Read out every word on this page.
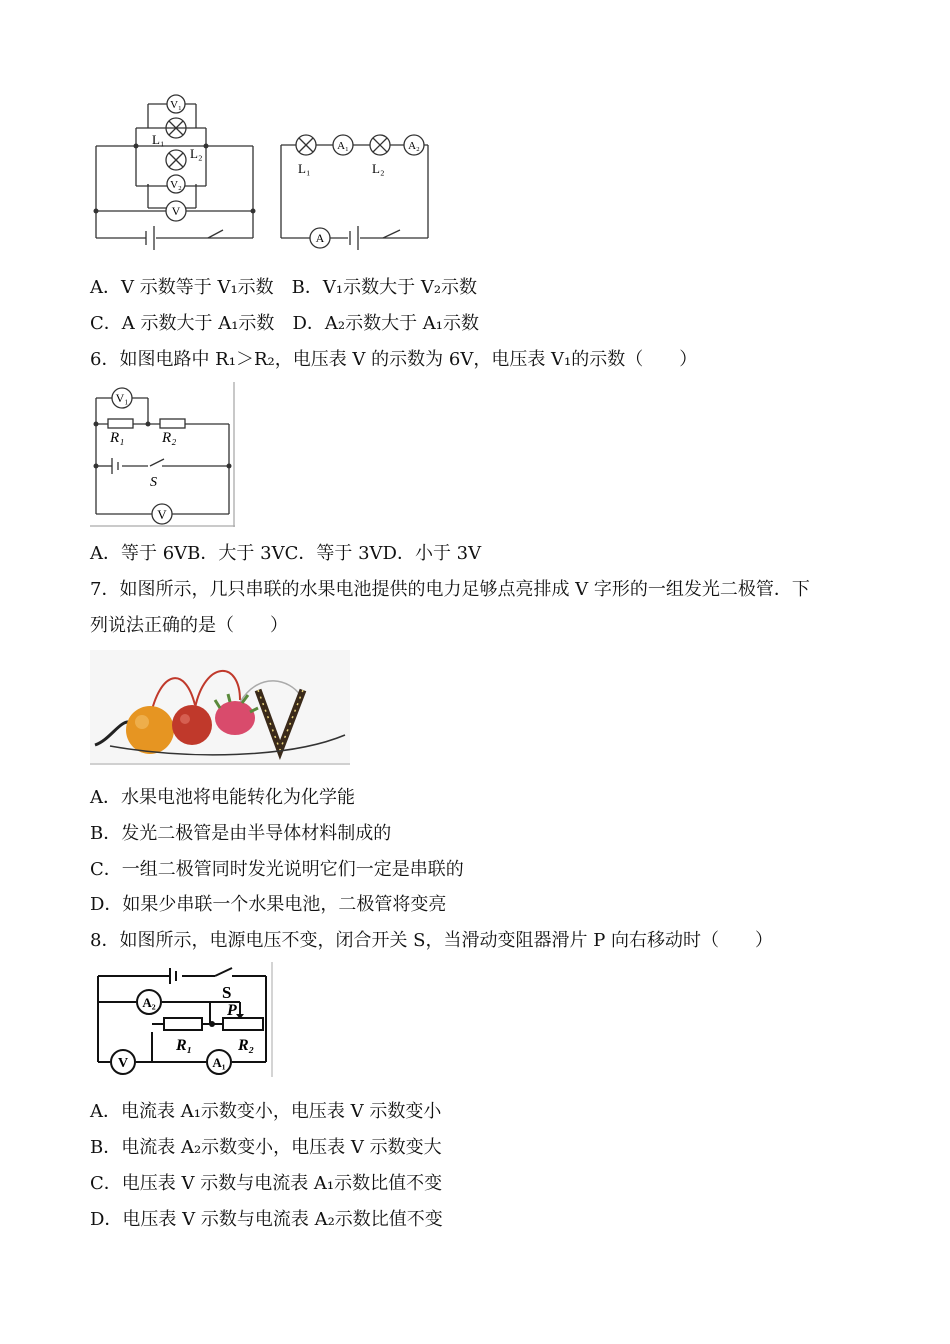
V₁
V₂
V
L₁
L₂	A₁	A₂
A
L₁	L₂
A．V 示数等于 V₁示数　 B．V₁示数大于 V₂示数
C．A 示数大于 A₁示数　 D．A₂示数大于 A₁示数
6．如图电路中 R₁＞R₂，电压表 V 的示数为 6V，电压表 V₁的示数（　　）
V₁
R₁	R₂
S
V
A．等于 6VB．大于 3VC．等于 3VD．小于 3V
7．如图所示，几只串联的水果电池提供的电力足够点亮排成 V 字形的一组发光二极管．下
列说法正确的是（　　）
A．水果电池将电能转化为化学能
B．发光二极管是由半导体材料制成的
C．一组二极管同时发光说明它们一定是串联的
D．如果少串联一个水果电池，二极管将变亮
8．如图所示，电源电压不变，闭合开关 S，当滑动变阻器滑片 P 向右移动时（　　）
S
P
R₁	R₂
A₂
V	A₁
A．电流表 A₁示数变小，电压表 V 示数变小
B．电流表 A₂示数变小，电压表 V 示数变大
C．电压表 V 示数与电流表 A₁示数比值不变
D．电压表 V 示数与电流表 A₂示数比值不变
